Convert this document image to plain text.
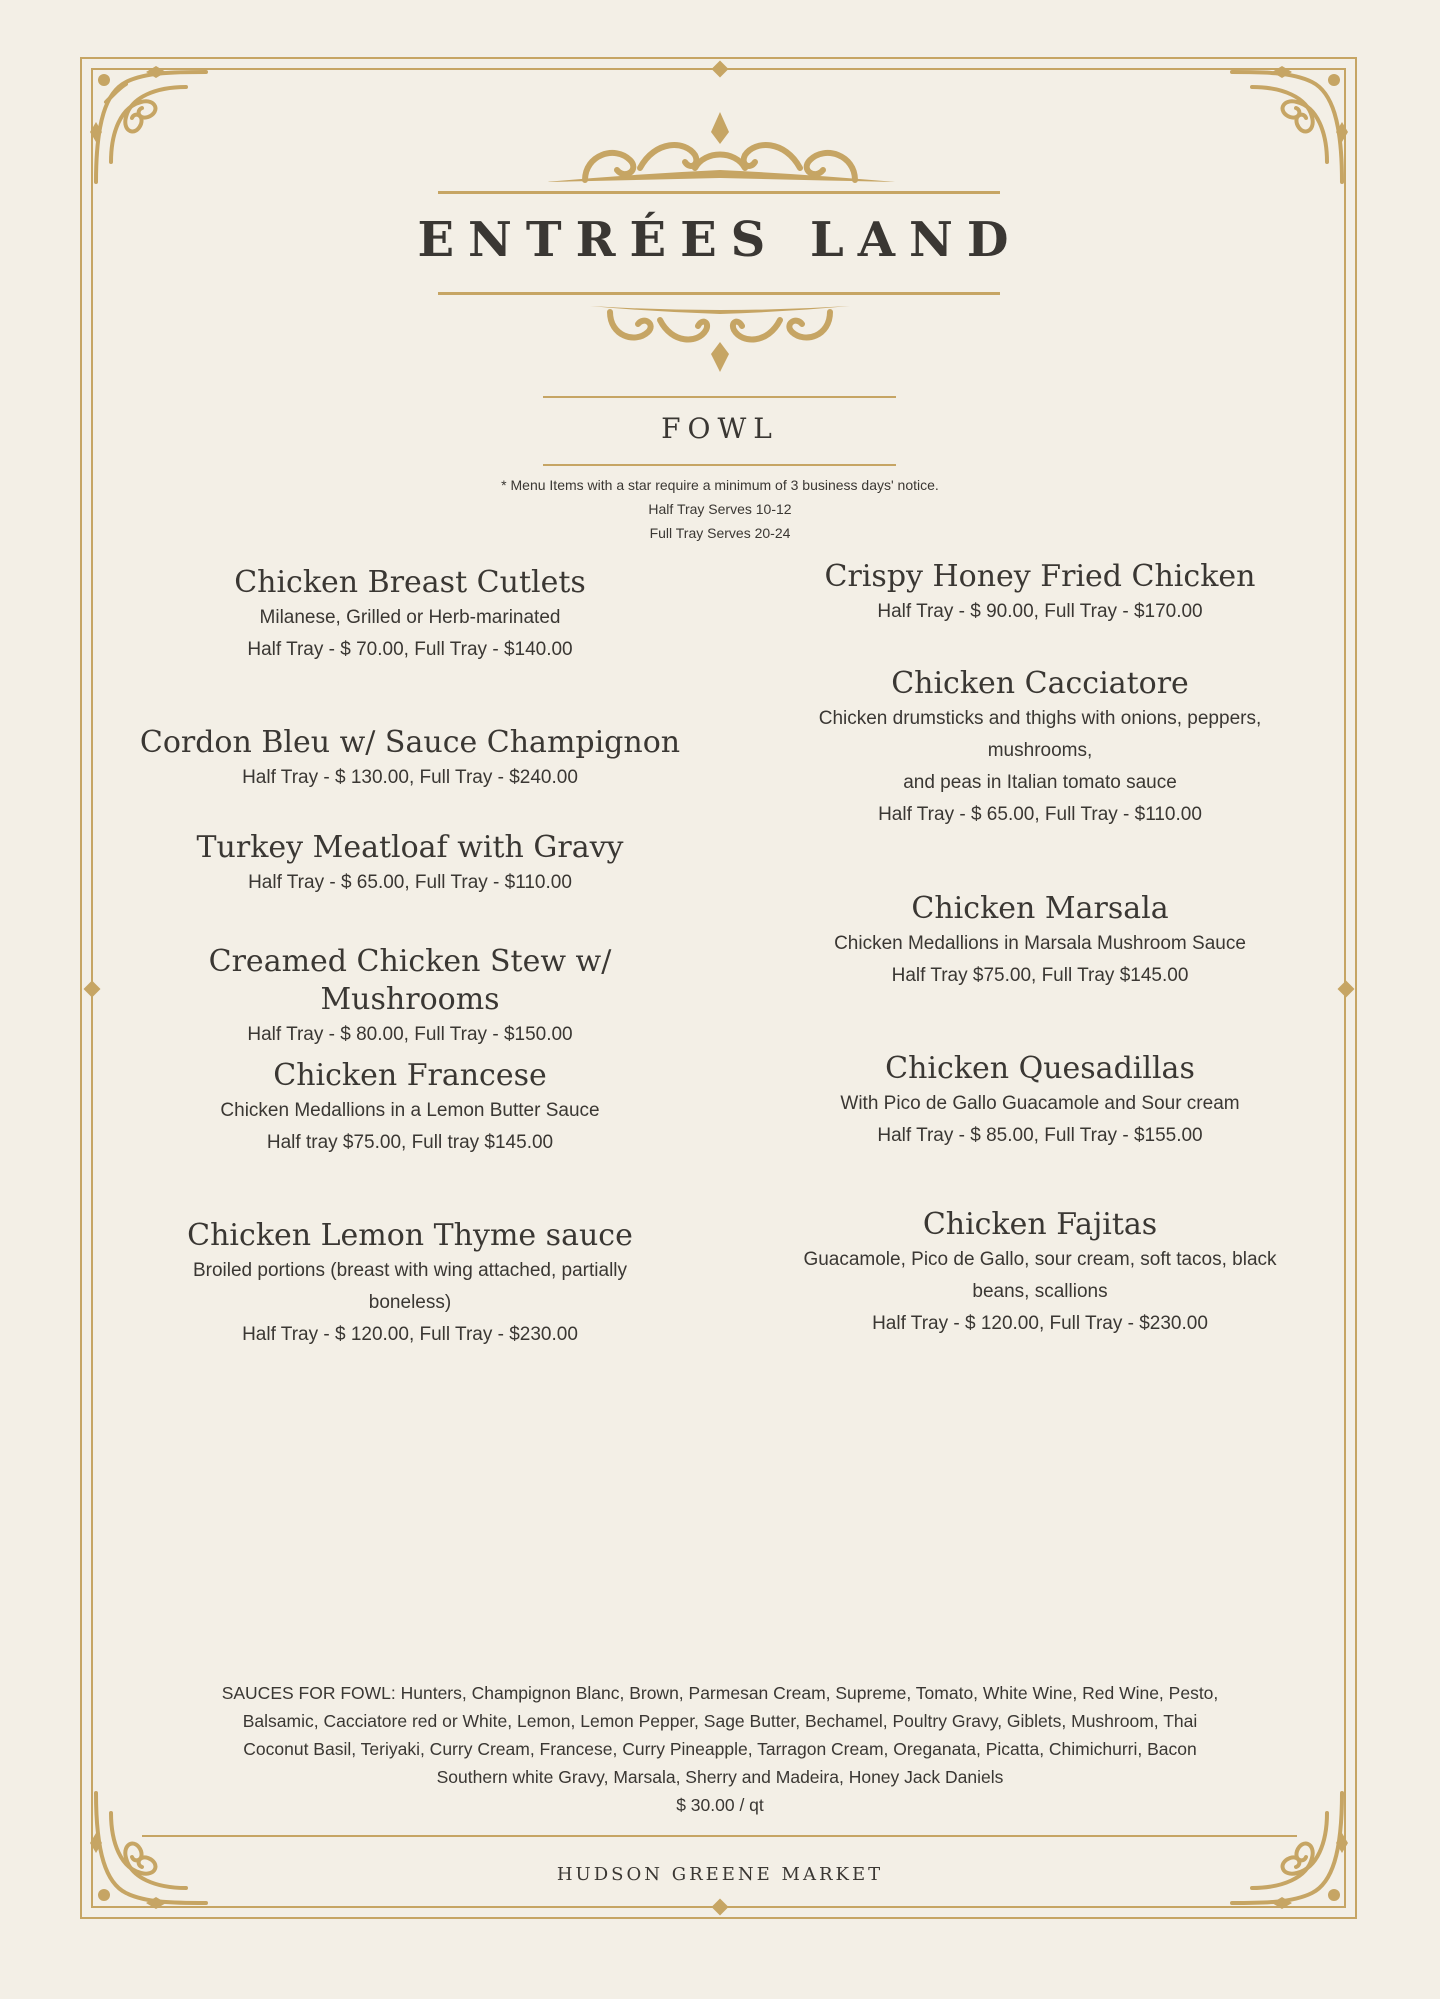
ENTRÉES LAND
FOWL
* Menu Items with a star require a minimum of 3 business days' notice.
Half Tray Serves 10-12
Full Tray Serves 20-24
Chicken Breast Cutlets
Milanese, Grilled or Herb-marinated
Half Tray - $ 70.00, Full Tray - $140.00
Cordon Bleu w/ Sauce Champignon
Half Tray - $ 130.00, Full Tray - $240.00
Turkey Meatloaf with Gravy
Half Tray - $ 65.00, Full Tray - $110.00
Creamed Chicken Stew w/ Mushrooms
Half Tray - $ 80.00, Full Tray - $150.00
Chicken Francese
Chicken Medallions in a Lemon Butter Sauce
Half tray $75.00, Full tray $145.00
Chicken Lemon Thyme sauce
Broiled portions (breast with wing attached, partially
boneless)
Half Tray - $ 120.00, Full Tray - $230.00
Crispy Honey Fried Chicken
Half Tray - $ 90.00, Full Tray - $170.00
Chicken Cacciatore
Chicken drumsticks and thighs with onions, peppers,
mushrooms,
and peas in Italian tomato sauce
Half Tray - $ 65.00, Full Tray - $110.00
Chicken Marsala
Chicken Medallions in Marsala Mushroom Sauce
Half Tray $75.00, Full Tray $145.00
Chicken Quesadillas
With Pico de Gallo Guacamole and Sour cream
Half Tray - $ 85.00, Full Tray - $155.00
Chicken Fajitas
Guacamole, Pico de Gallo, sour cream, soft tacos, black
beans, scallions
Half Tray - $ 120.00, Full Tray - $230.00
SAUCES FOR FOWL: Hunters, Champignon Blanc, Brown, Parmesan Cream, Supreme, Tomato, White Wine, Red Wine, Pesto,
Balsamic, Cacciatore red or White, Lemon, Lemon Pepper, Sage Butter, Bechamel, Poultry Gravy, Giblets, Mushroom, Thai
Coconut Basil, Teriyaki, Curry Cream, Francese, Curry Pineapple, Tarragon Cream, Oreganata, Picatta, Chimichurri, Bacon
Southern white Gravy, Marsala, Sherry and Madeira, Honey Jack Daniels
$ 30.00 / qt
HUDSON GREENE MARKET
